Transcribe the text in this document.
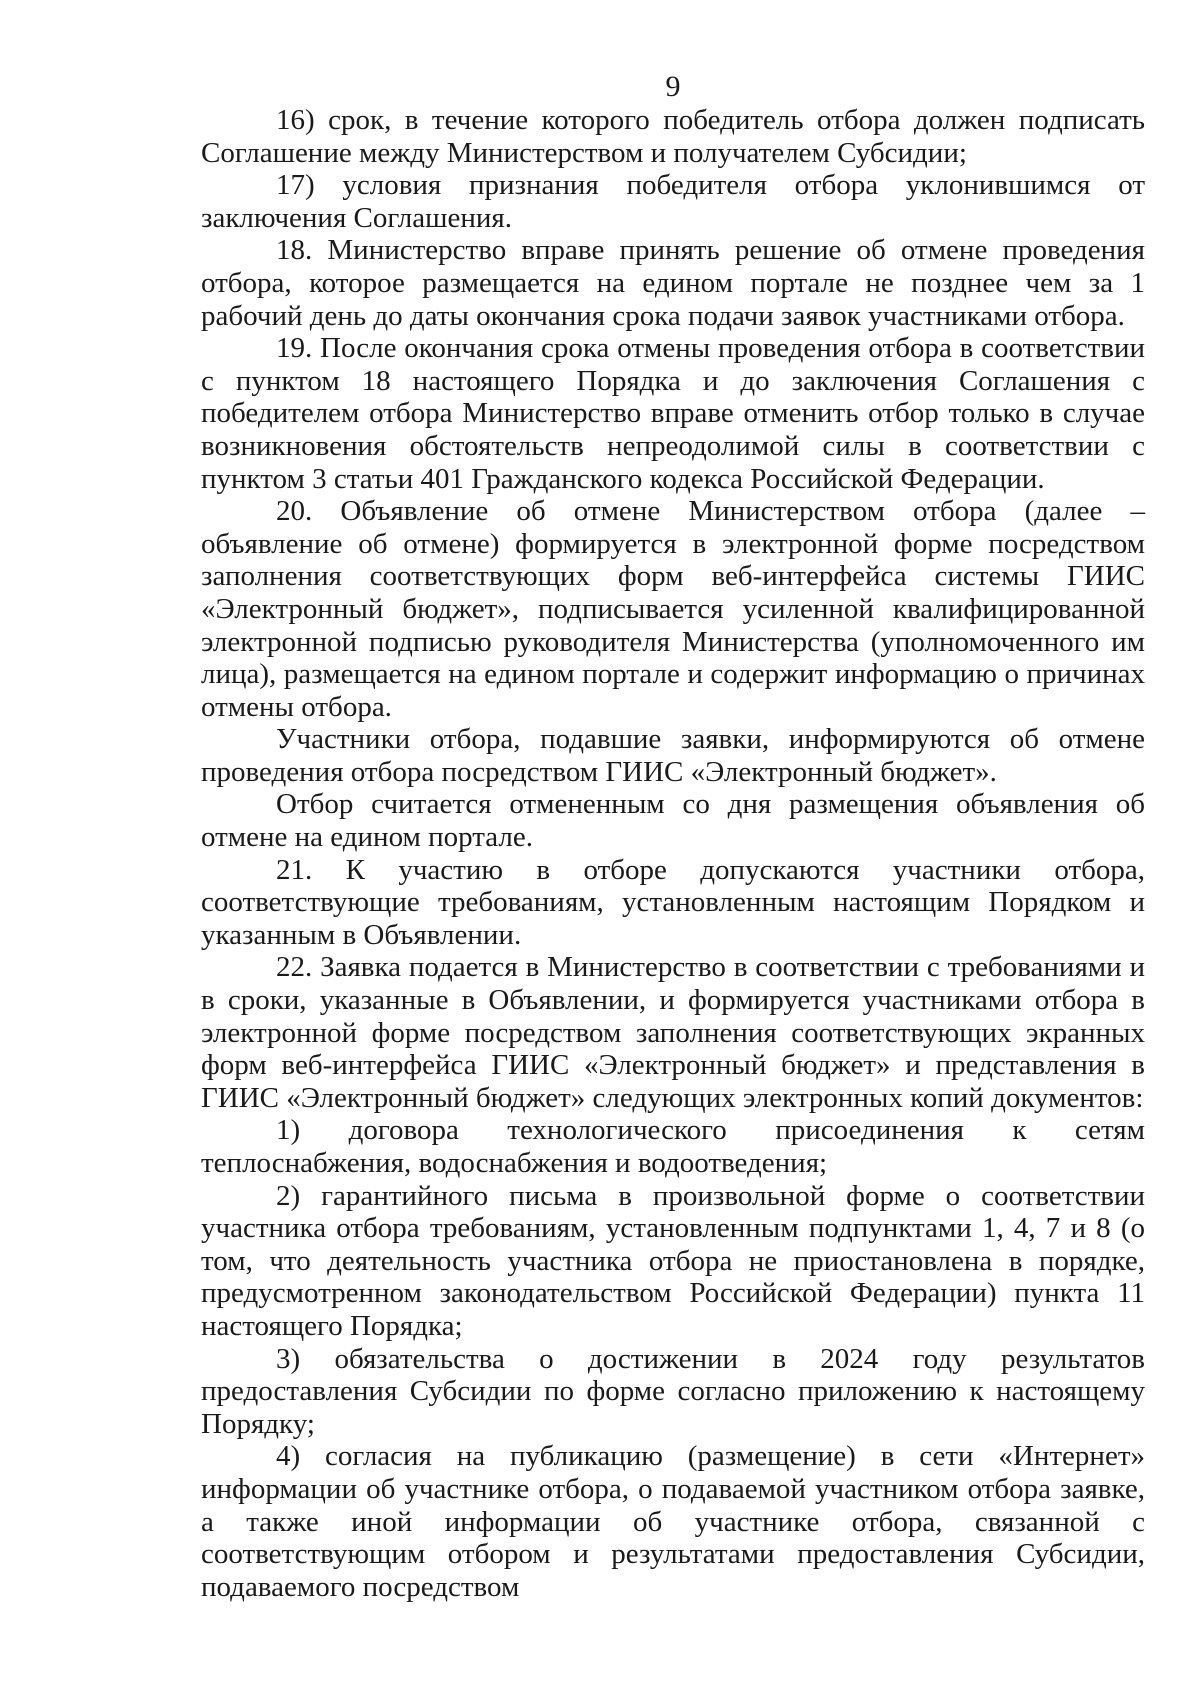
9

16) срок, в течение которого победитель отбора должен подписать Соглашение между Министерством и получателем Субсидии;

17) условия признания победителя отбора уклонившимся от заключения Соглашения.

18. Министерство вправе принять решение об отмене проведения отбора, которое размещается на едином портале не позднее чем за 1 рабочий день до даты окончания срока подачи заявок участниками отбора.

19. После окончания срока отмены проведения отбора в соответствии с пунктом 18 настоящего Порядка и до заключения Соглашения с победителем отбора Министерство вправе отменить отбор только в случае возникновения обстоятельств непреодолимой силы в соответствии с пунктом 3 статьи 401 Гражданского кодекса Российской Федерации.

20. Объявление об отмене Министерством отбора (далее – объявление об отмене) формируется в электронной форме посредством заполнения соответствующих форм веб-интерфейса системы ГИИС «Электронный бюджет», подписывается усиленной квалифицированной электронной подписью руководителя Министерства (уполномоченного им лица), размещается на едином портале и содержит информацию о причинах отмены отбора.

Участники отбора, подавшие заявки, информируются об отмене проведения отбора посредством ГИИС «Электронный бюджет».

Отбор считается отмененным со дня размещения объявления об отмене на едином портале.

21. К участию в отборе допускаются участники отбора, соответствующие требованиям, установленным настоящим Порядком и указанным в Объявлении.

22. Заявка подается в Министерство в соответствии с требованиями и в сроки, указанные в Объявлении, и формируется участниками отбора в электронной форме посредством заполнения соответствующих экранных форм веб-интерфейса ГИИС «Электронный бюджет» и представления в ГИИС «Электронный бюджет» следующих электронных копий документов:

1) договора технологического присоединения к сетям теплоснабжения, водоснабжения и водоотведения;

2) гарантийного письма в произвольной форме о соответствии участника отбора требованиям, установленным подпунктами 1, 4, 7 и 8 (о том, что деятельность участника отбора не приостановлена в порядке, предусмотренном законодательством Российской Федерации) пункта 11 настоящего Порядка;

3) обязательства о достижении в 2024 году результатов предоставления Субсидии по форме согласно приложению к настоящему Порядку;

4) согласия на публикацию (размещение) в сети «Интернет» информации об участнике отбора, о подаваемой участником отбора заявке, а также иной информации об участнике отбора, связанной с соответствующим отбором и результатами предоставления Субсидии, подаваемого посредством
